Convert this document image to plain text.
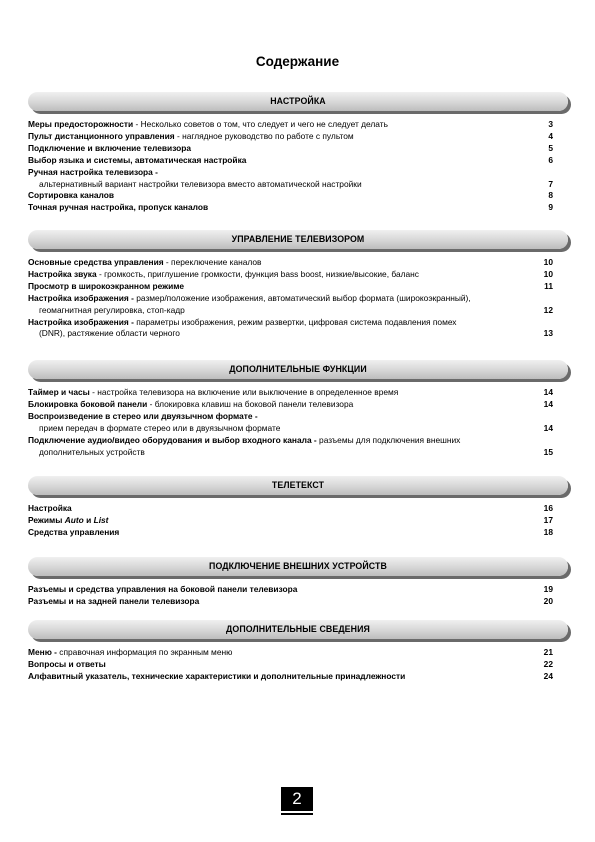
Содержание
НАСТРОЙКА
Меры предосторожности - Несколько советов о том, что следует и чего не следует делать	3
Пульт дистанционного управления - наглядное руководство по работе с пультом	4
Подключение и включение телевизора	5
Выбор языка и системы, автоматическая настройка	6
Ручная настройка телевизора -
альтернативный вариант настройки телевизора вместо автоматической настройки	7
Сортировка каналов	8
Точная ручная настройка, пропуск каналов	9
УПРАВЛЕНИЕ ТЕЛЕВИЗОРОМ
Основные средства управления - переключение каналов	10
Настройка звука - громкость, приглушение громкости, функция bass boost, низкие/высокие, баланс	10
Просмотр в широкоэкранном режиме	11
Настройка изображения - размер/положение изображения, автоматический выбор формата (широкоэкранный),
геомагнитная регулировка, стоп-кадр	12
Настройка изображения - параметры изображения, режим развертки, цифровая система подавления помех
(DNR), растяжение области черного	13
ДОПОЛНИТЕЛЬНЫЕ ФУНКЦИИ
Таймер и часы - настройка телевизора на включение или выключение в определенное время	14
Блокировка боковой панели - блокировка клавиш на боковой панели телевизора	14
Воспроизведение в стерео или двуязычном формате -
прием передач в формате стерео или в двуязычном формате	14
Подключение аудио/видео оборудования и выбор входного канала - разъемы для подключения внешних
дополнительных устройств	15
ТЕЛЕТЕКСТ
Настройка	16
Режимы Auto и List	17
Средства управления	18
ПОДКЛЮЧЕНИЕ ВНЕШНИХ УСТРОЙСТВ
Разъемы и средства управления на боковой панели телевизора	19
Разъемы и на задней панели телевизора	20
ДОПОЛНИТЕЛЬНЫЕ СВЕДЕНИЯ
Меню - справочная информация по экранным меню	21
Вопросы и ответы	22
Алфавитный указатель, технические характеристики и дополнительные принадлежности	24
2
